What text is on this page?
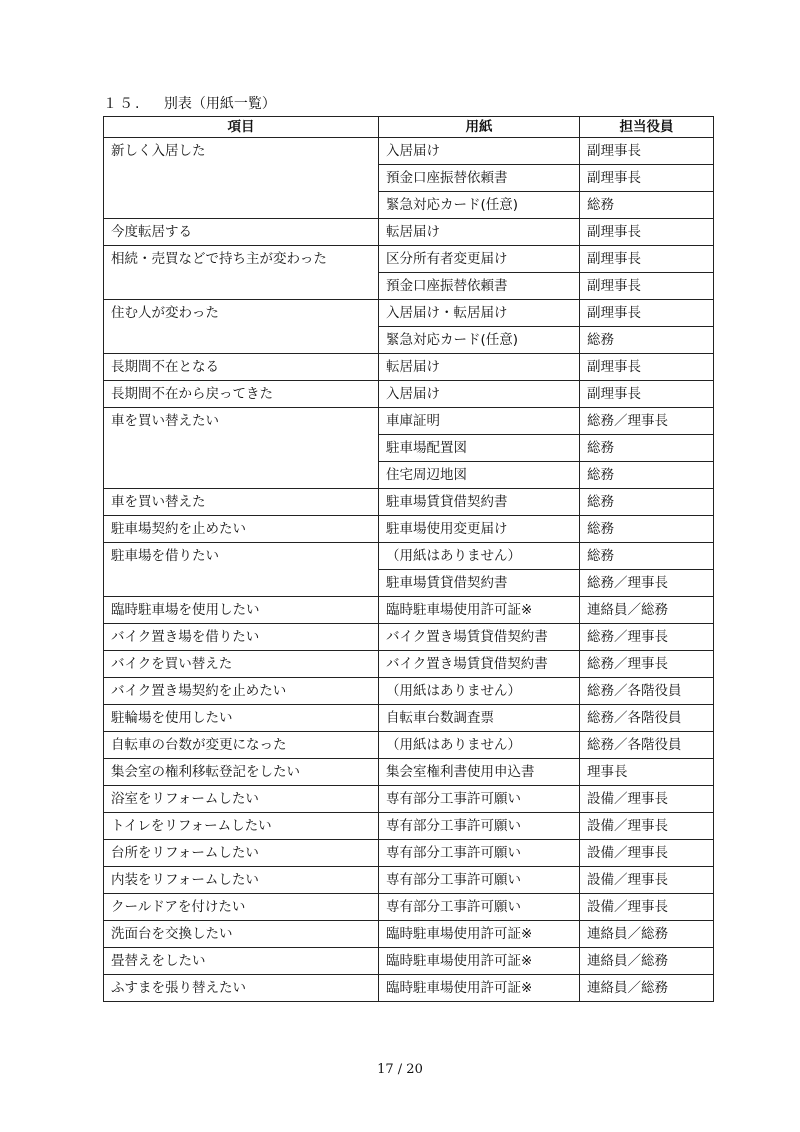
１５. 別表（用紙一覧）
項目	用紙	担当役員
新しく入居した	入居届け	副理事長
	預金口座振替依頼書	副理事長
	緊急対応カード(任意)	総務
今度転居する	転居届け	副理事長
相続・売買などで持ち主が変わった	区分所有者変更届け	副理事長
	預金口座振替依頼書	副理事長
住む人が変わった	入居届け・転居届け	副理事長
	緊急対応カード(任意)	総務
長期間不在となる	転居届け	副理事長
長期間不在から戻ってきた	入居届け	副理事長
車を買い替えたい	車庫証明	総務／理事長
	駐車場配置図	総務
	住宅周辺地図	総務
車を買い替えた	駐車場賃貸借契約書	総務
駐車場契約を止めたい	駐車場使用変更届け	総務
駐車場を借りたい	（用紙はありません）	総務
	駐車場賃貸借契約書	総務／理事長
臨時駐車場を使用したい	臨時駐車場使用許可証※	連絡員／総務
バイク置き場を借りたい	バイク置き場賃貸借契約書	総務／理事長
バイクを買い替えた	バイク置き場賃貸借契約書	総務／理事長
バイク置き場契約を止めたい	（用紙はありません）	総務／各階役員
駐輪場を使用したい	自転車台数調査票	総務／各階役員
自転車の台数が変更になった	（用紙はありません）	総務／各階役員
集会室の権利移転登記をしたい	集会室権利書使用申込書	理事長
浴室をリフォームしたい	専有部分工事許可願い	設備／理事長
トイレをリフォームしたい	専有部分工事許可願い	設備／理事長
台所をリフォームしたい	専有部分工事許可願い	設備／理事長
内装をリフォームしたい	専有部分工事許可願い	設備／理事長
クールドアを付けたい	専有部分工事許可願い	設備／理事長
洗面台を交換したい	臨時駐車場使用許可証※	連絡員／総務
畳替えをしたい	臨時駐車場使用許可証※	連絡員／総務
ふすまを張り替えたい	臨時駐車場使用許可証※	連絡員／総務
17 / 20
